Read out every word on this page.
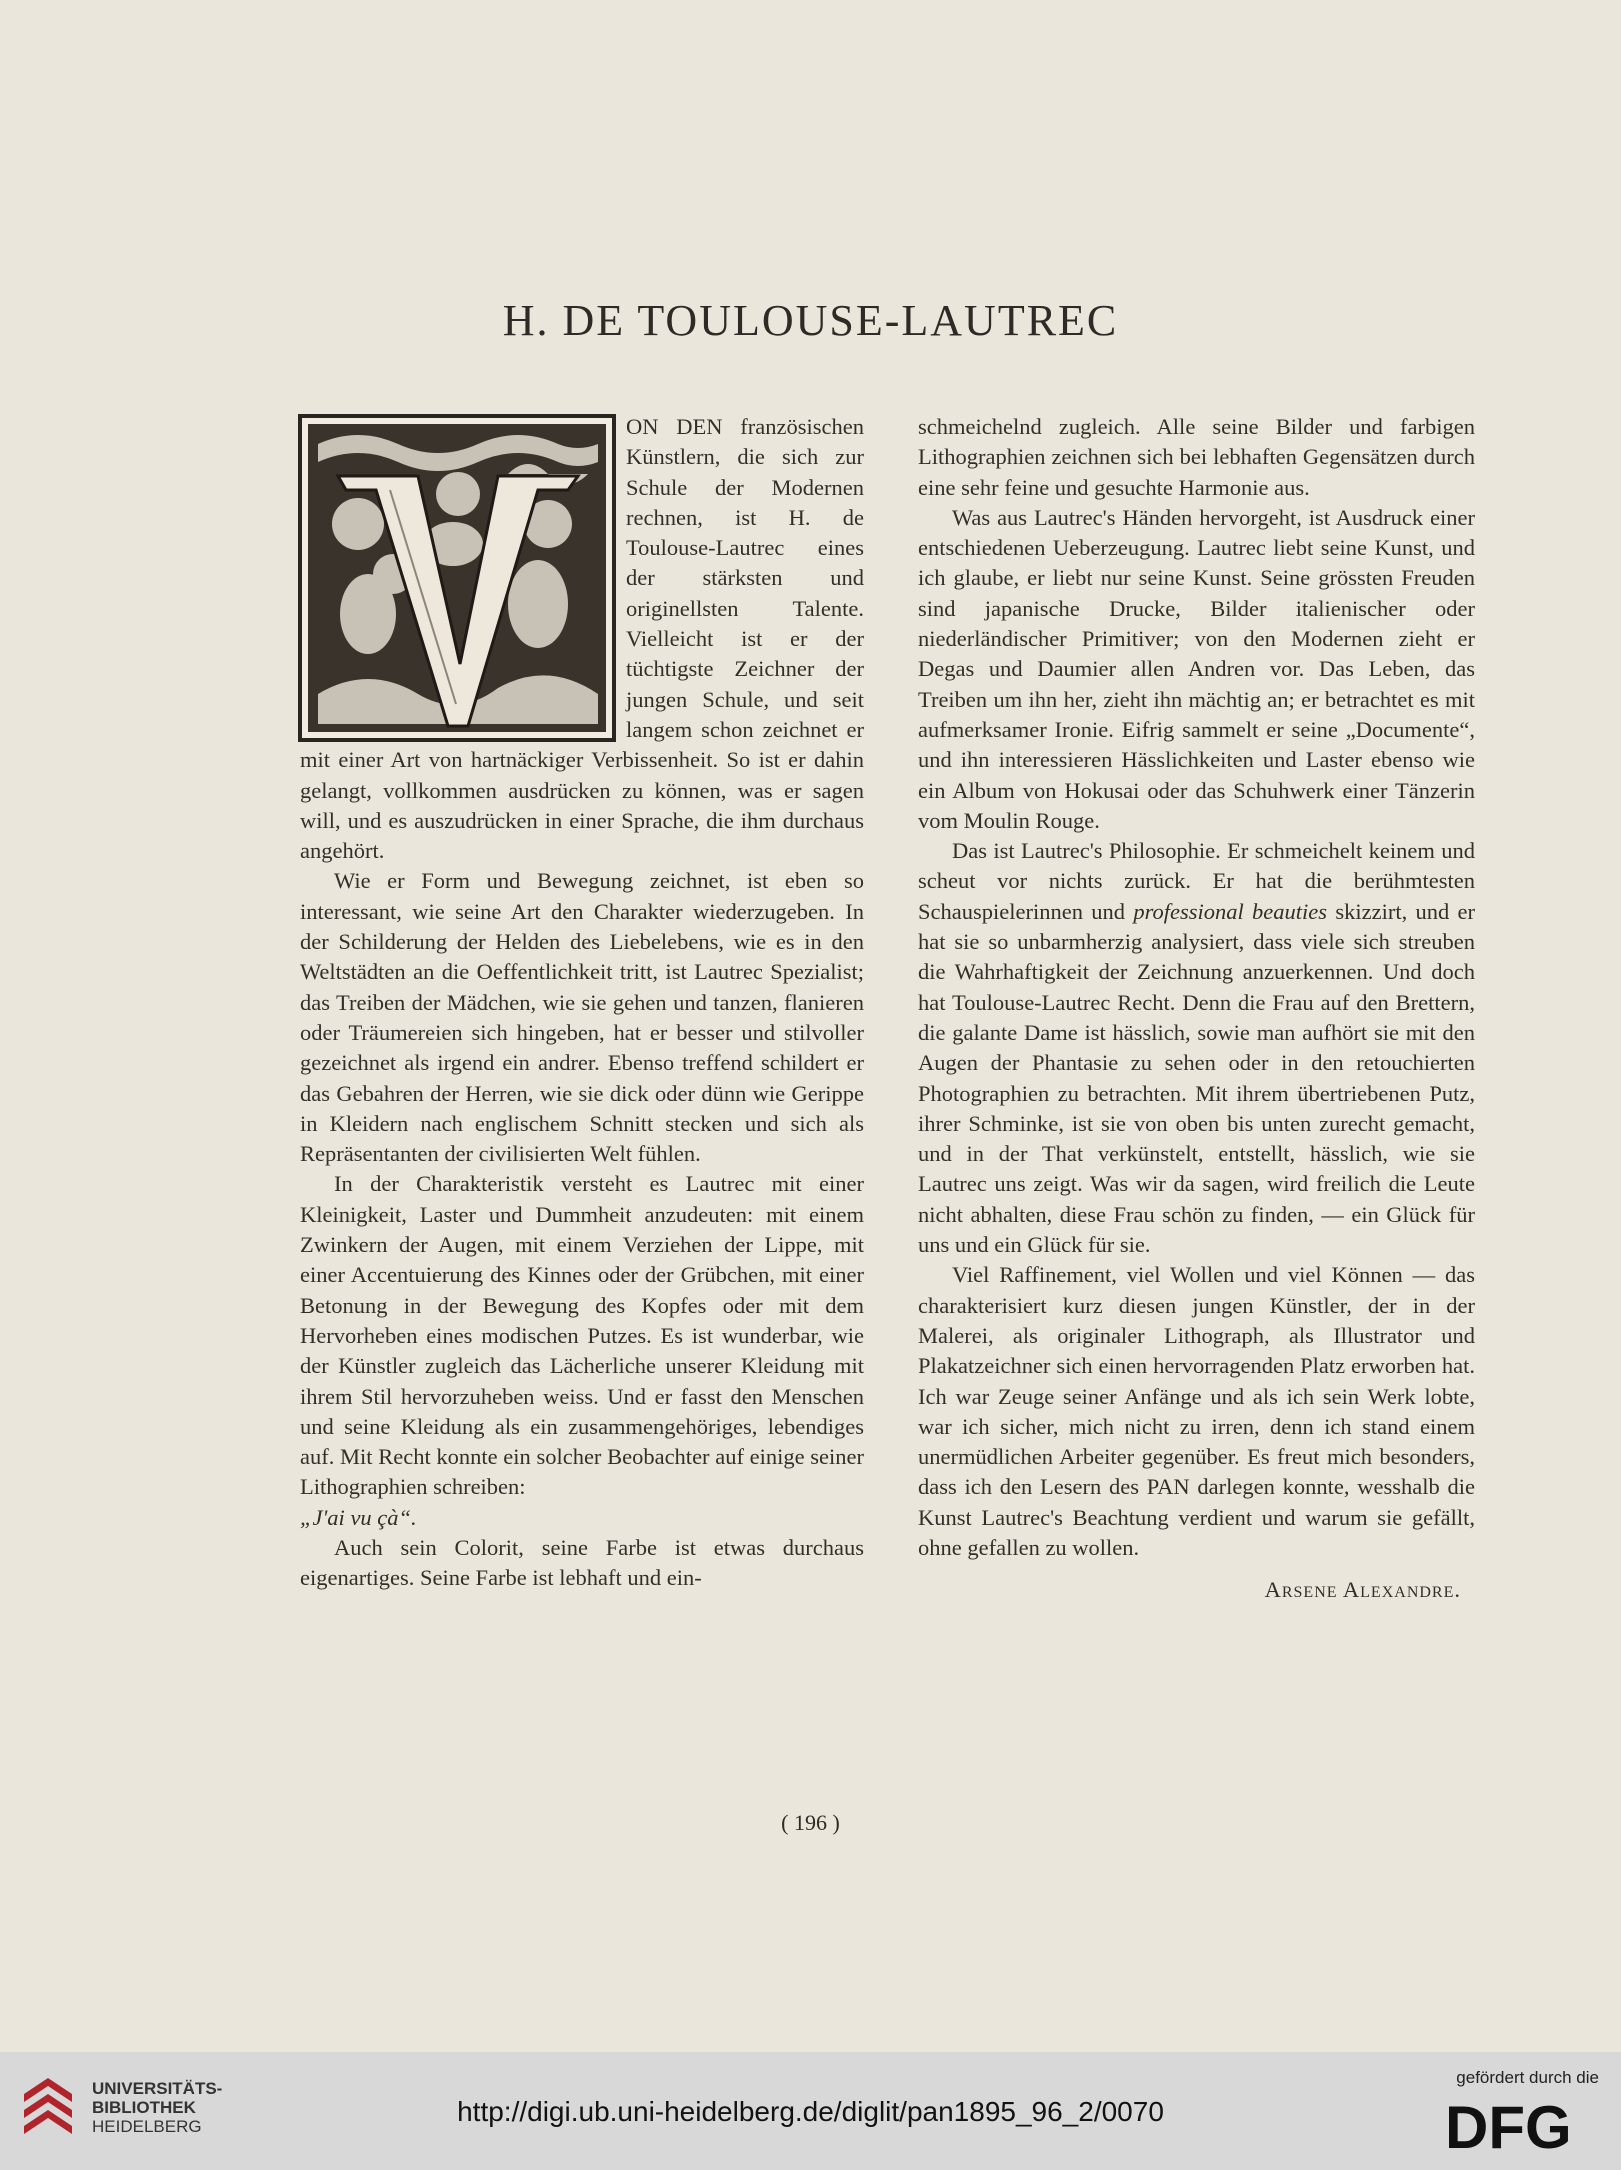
H. DE TOULOUSE-LAUTREC

ON DEN französischen Künstlern, die sich zur Schule der Modernen rechnen, ist H. de Toulouse-Lautrec eines der stärksten und originellsten Talente. Vielleicht ist er der tüchtigste Zeichner der jungen Schule, und seit langem schon zeichnet er mit einer Art von hartnäckiger Verbissenheit. So ist er dahin gelangt, vollkommen ausdrücken zu können, was er sagen will, und es auszudrücken in einer Sprache, die ihm durchaus angehört.

Wie er Form und Bewegung zeichnet, ist eben so interessant, wie seine Art den Charakter wiederzugeben. In der Schilderung der Helden des Liebelebens, wie es in den Weltstädten an die Oeffentlichkeit tritt, ist Lautrec Spezialist; das Treiben der Mädchen, wie sie gehen und tanzen, flanieren oder Träumereien sich hingeben, hat er besser und stilvoller gezeichnet als irgend ein andrer. Ebenso treffend schildert er das Gebahren der Herren, wie sie dick oder dünn wie Gerippe in Kleidern nach englischem Schnitt stecken und sich als Repräsentanten der civilisierten Welt fühlen.

In der Charakteristik versteht es Lautrec mit einer Kleinigkeit, Laster und Dummheit anzudeuten: mit einem Zwinkern der Augen, mit einem Verziehen der Lippe, mit einer Accentuierung des Kinnes oder der Grübchen, mit einer Betonung in der Bewegung des Kopfes oder mit dem Hervorheben eines modischen Putzes. Es ist wunderbar, wie der Künstler zugleich das Lächerliche unserer Kleidung mit ihrem Stil hervorzuheben weiss. Und er fasst den Menschen und seine Kleidung als ein zusammengehöriges, lebendiges auf. Mit Recht konnte ein solcher Beobachter auf einige seiner Lithographien schreiben:
„J'ai vu çà“.

Auch sein Colorit, seine Farbe ist etwas durchaus eigenartiges. Seine Farbe ist lebhaft und ein-

schmeichelnd zugleich. Alle seine Bilder und farbigen Lithographien zeichnen sich bei lebhaften Gegensätzen durch eine sehr feine und gesuchte Harmonie aus.

Was aus Lautrec's Händen hervorgeht, ist Ausdruck einer entschiedenen Ueberzeugung. Lautrec liebt seine Kunst, und ich glaube, er liebt nur seine Kunst. Seine grössten Freuden sind japanische Drucke, Bilder italienischer oder niederländischer Primitiver; von den Modernen zieht er Degas und Daumier allen Andren vor. Das Leben, das Treiben um ihn her, zieht ihn mächtig an; er betrachtet es mit aufmerksamer Ironie. Eifrig sammelt er seine „Documente“, und ihn interessieren Hässlichkeiten und Laster ebenso wie ein Album von Hokusai oder das Schuhwerk einer Tänzerin vom Moulin Rouge.

Das ist Lautrec's Philosophie. Er schmeichelt keinem und scheut vor nichts zurück. Er hat die berühmtesten Schauspielerinnen und professional beauties skizzirt, und er hat sie so unbarmherzig analysiert, dass viele sich streuben die Wahrhaftigkeit der Zeichnung anzuerkennen. Und doch hat Toulouse-Lautrec Recht. Denn die Frau auf den Brettern, die galante Dame ist hässlich, sowie man aufhört sie mit den Augen der Phantasie zu sehen oder in den retouchierten Photographien zu betrachten. Mit ihrem übertriebenen Putz, ihrer Schminke, ist sie von oben bis unten zurecht gemacht, und in der That verkünstelt, entstellt, hässlich, wie sie Lautrec uns zeigt. Was wir da sagen, wird freilich die Leute nicht abhalten, diese Frau schön zu finden, — ein Glück für uns und ein Glück für sie.

Viel Raffinement, viel Wollen und viel Können — das charakterisiert kurz diesen jungen Künstler, der in der Malerei, als originaler Lithograph, als Illustrator und Plakatzeichner sich einen hervorragenden Platz erworben hat. Ich war Zeuge seiner Anfänge und als ich sein Werk lobte, war ich sicher, mich nicht zu irren, denn ich stand einem unermüdlichen Arbeiter gegenüber. Es freut mich besonders, dass ich den Lesern des PAN darlegen konnte, wesshalb die Kunst Lautrec's Beachtung verdient und warum sie gefällt, ohne gefallen zu wollen.

Arsene Alexandre.
( 196 )
UNIVERSITÄTS-
BIBLIOTHEK
HEIDELBERG	http://digi.ub.uni-heidelberg.de/diglit/pan1895_96_2/0070
gefördert durch die
DFG
